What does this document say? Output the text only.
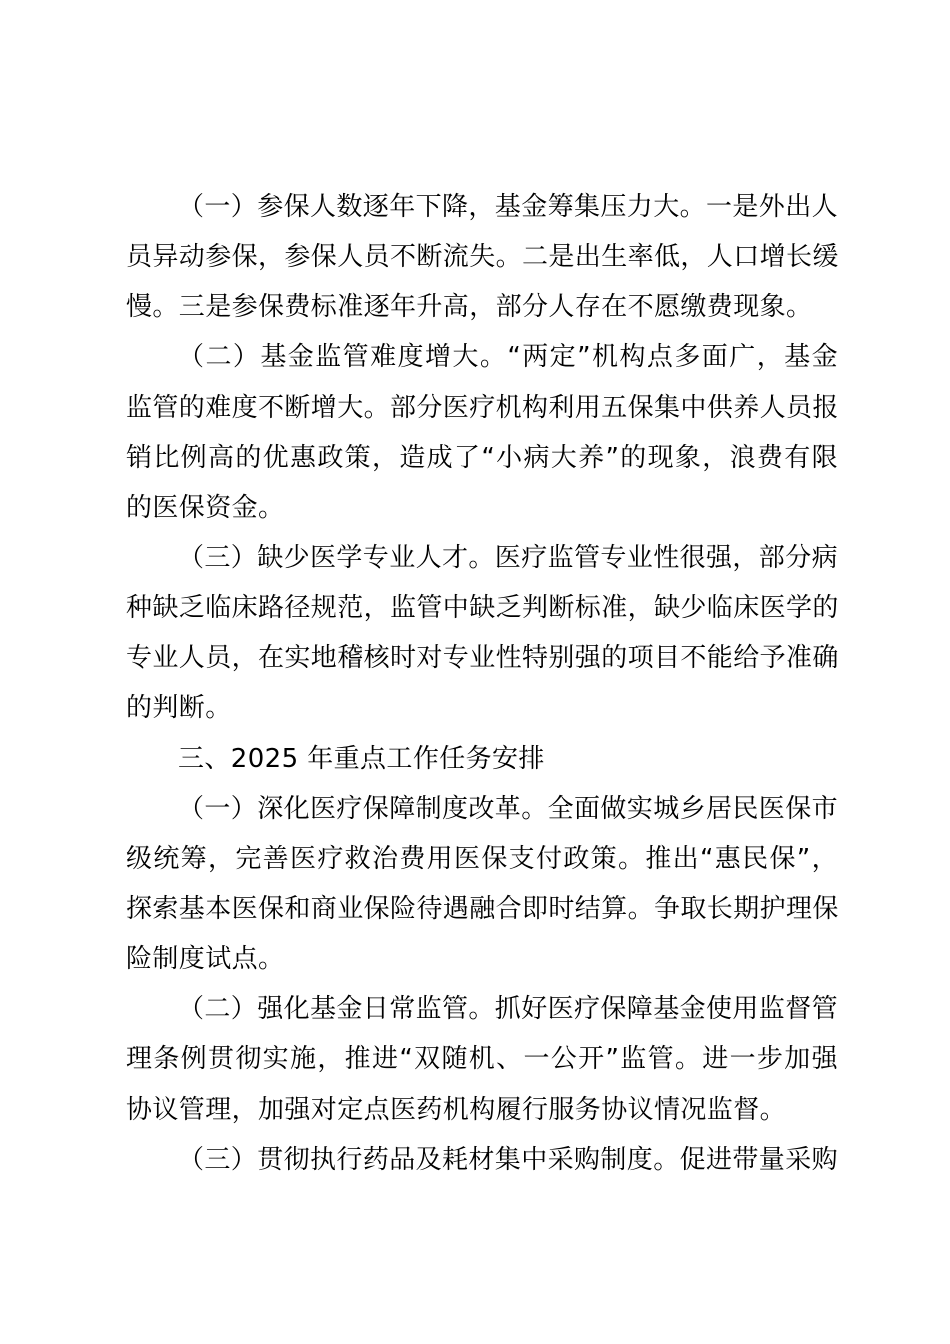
（一）参保人数逐年下降，基金筹集压力大。一是外出人
员异动参保，参保人员不断流失。二是出生率低，人口增长缓
慢。三是参保费标准逐年升高，部分人存在不愿缴费现象。
（二）基金监管难度增大。“两定”机构点多面广，基金
监管的难度不断增大。部分医疗机构利用五保集中供养人员报
销比例高的优惠政策，造成了“小病大养”的现象，浪费有限
的医保资金。
（三）缺少医学专业人才。医疗监管专业性很强，部分病
种缺乏临床路径规范，监管中缺乏判断标准，缺少临床医学的
专业人员，在实地稽核时对专业性特别强的项目不能给予准确
的判断。
三、2025 年重点工作任务安排
（一）深化医疗保障制度改革。全面做实城乡居民医保市
级统筹，完善医疗救治费用医保支付政策。推出“惠民保”，
探索基本医保和商业保险待遇融合即时结算。争取长期护理保
险制度试点。
（二）强化基金日常监管。抓好医疗保障基金使用监督管
理条例贯彻实施，推进“双随机、一公开”监管。进一步加强
协议管理，加强对定点医药机构履行服务协议情况监督。
（三）贯彻执行药品及耗材集中采购制度。促进带量采购
